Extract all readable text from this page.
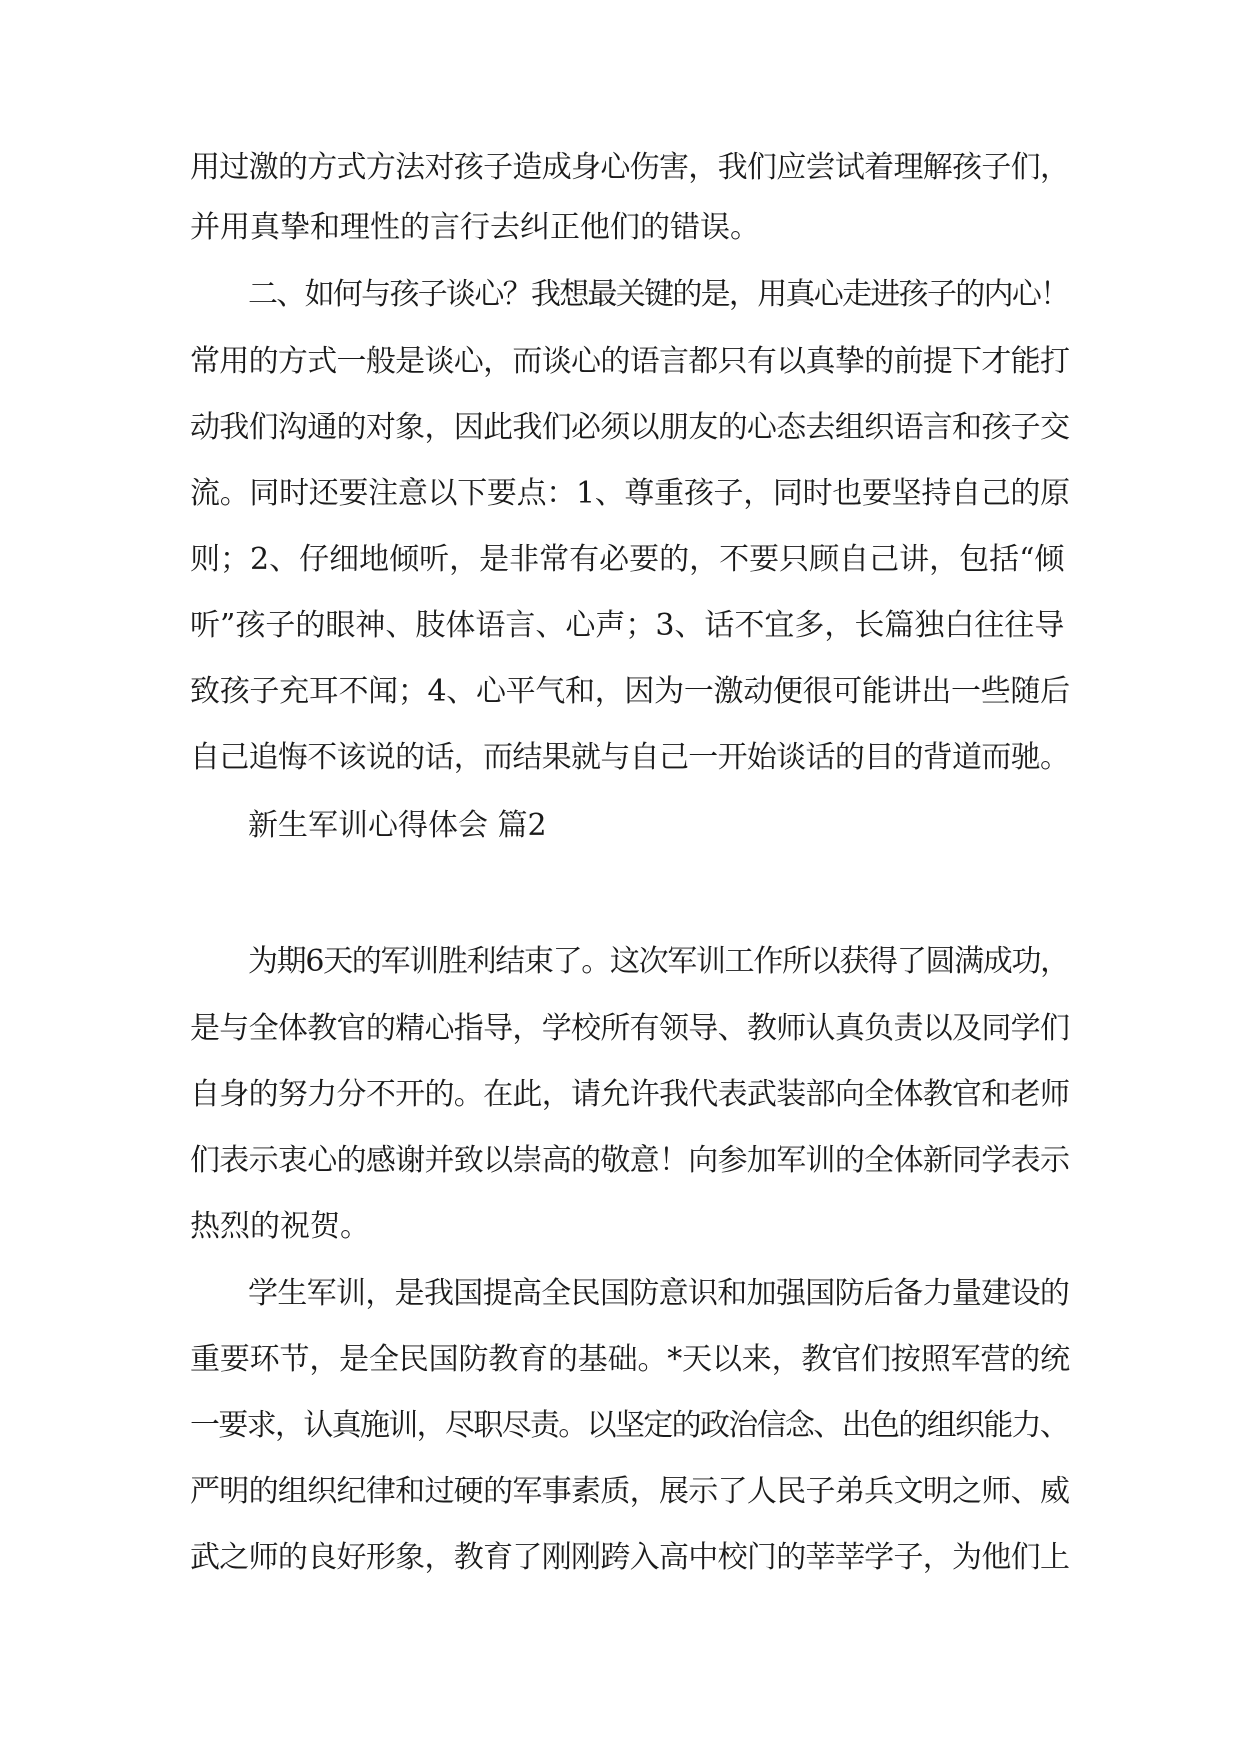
用过激的方式方法对孩子造成身心伤害，我们应尝试着理解孩子们，

并用真挚和理性的言行去纠正他们的错误。

二、如何与孩子谈心？我想最关键的是，用真心走进孩子的内心！

常用的方式一般是谈心，而谈心的语言都只有以真挚的前提下才能打

动我们沟通的对象，因此我们必须以朋友的心态去组织语言和孩子交

流。同时还要注意以下要点：1、尊重孩子，同时也要坚持自己的原

则；2、仔细地倾听，是非常有必要的，不要只顾自己讲，包括“倾

听”孩子的眼神、肢体语言、心声；3、话不宜多，长篇独白往往导

致孩子充耳不闻；4、心平气和，因为一激动便很可能讲出一些随后

自己追悔不该说的话，而结果就与自己一开始谈话的目的背道而驰。

新生军训心得体会 篇2

为期6天的军训胜利结束了。这次军训工作所以获得了圆满成功，

是与全体教官的精心指导，学校所有领导、教师认真负责以及同学们

自身的努力分不开的。在此，请允许我代表武装部向全体教官和老师

们表示衷心的感谢并致以崇高的敬意！向参加军训的全体新同学表示

热烈的祝贺。

学生军训，是我国提高全民国防意识和加强国防后备力量建设的

重要环节，是全民国防教育的基础。*天以来，教官们按照军营的统

一要求，认真施训，尽职尽责。以坚定的政治信念、出色的组织能力、

严明的组织纪律和过硬的军事素质，展示了人民子弟兵文明之师、威

武之师的良好形象，教育了刚刚跨入高中校门的莘莘学子，为他们上
